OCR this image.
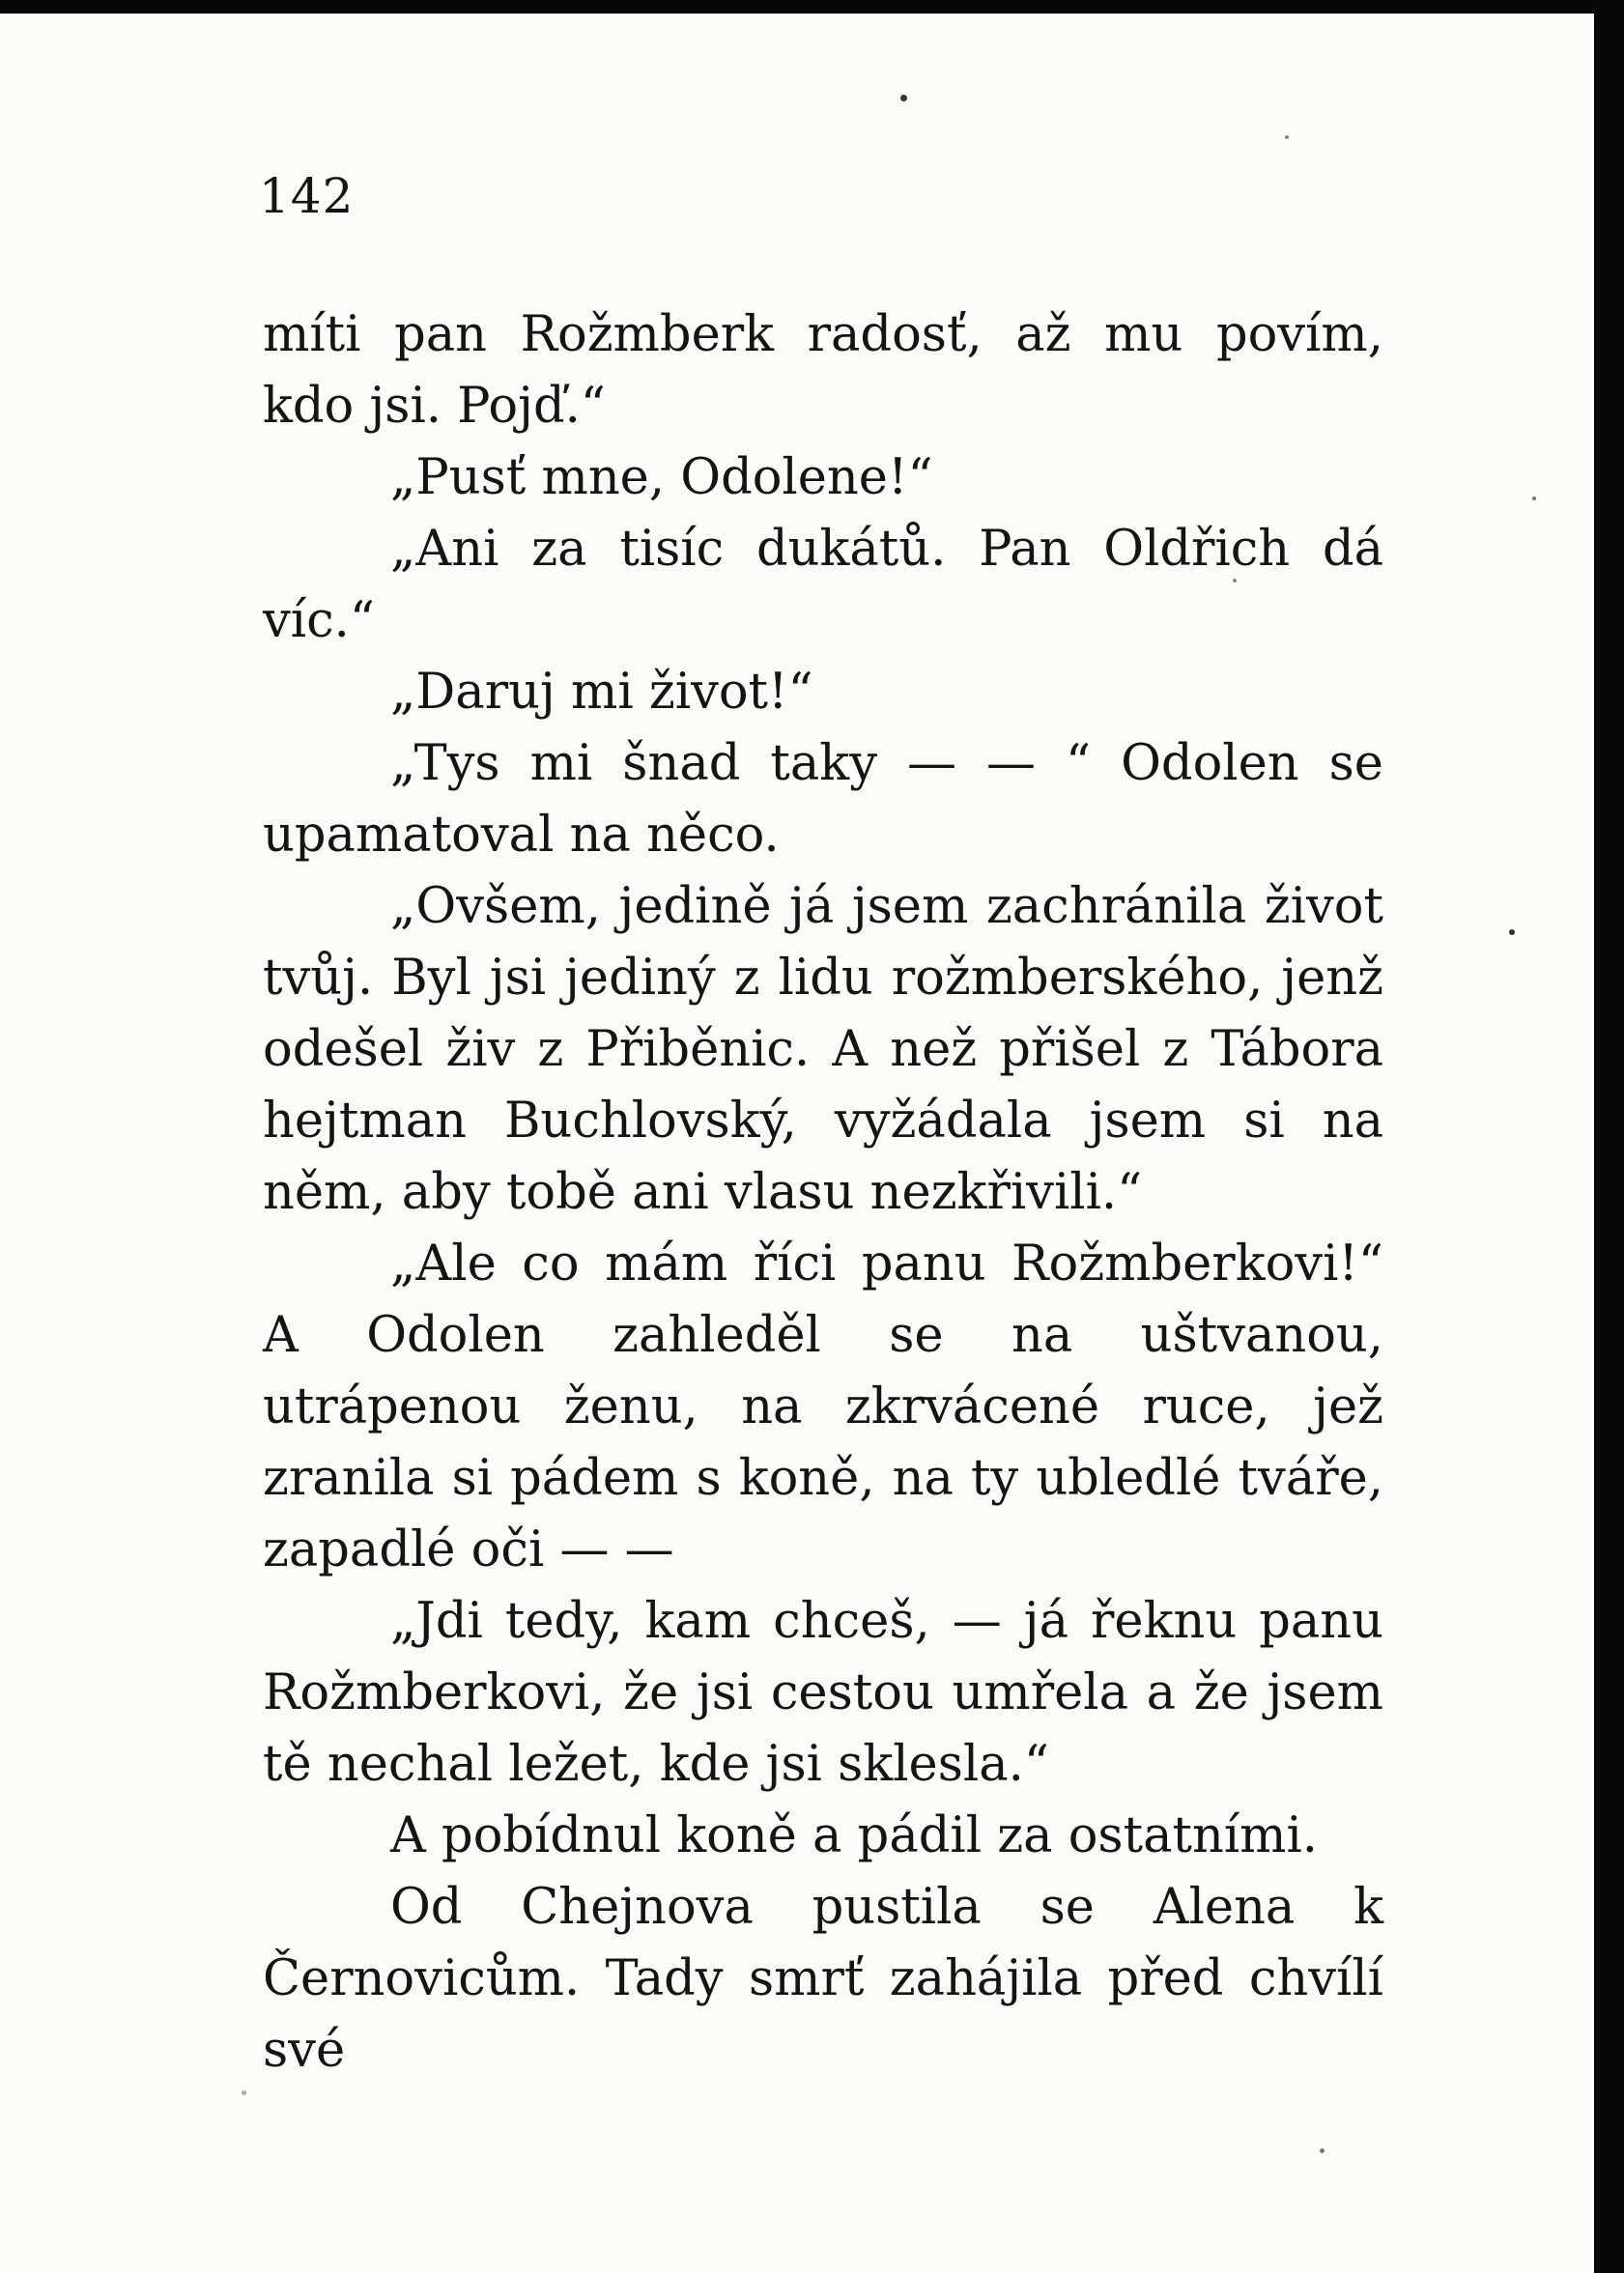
142

míti pan Rožmberk radosť, až mu povím, kdo jsi. Pojď.“

„Pusť mne, Odolene!“

„Ani za tisíc dukátů. Pan Oldřich dá víc.“

„Daruj mi život!“

„Tys mi šnad taky — — “ Odolen se upamatoval na něco.

„Ovšem, jedině já jsem zachránila život tvůj. Byl jsi jediný z lidu rožmberského, jenž odešel živ z Přiběnic. A než přišel z Tábora hejtman Buchlovský, vyžádala jsem si na něm, aby tobě ani vlasu nezkřivili.“

„Ale co mám říci panu Rožmberkovi!“ A Odolen zahleděl se na uštvanou, utrápenou ženu, na zkrvácené ruce, jež zranila si pádem s koně, na ty ubledlé tváře, zapadlé oči — —

„Jdi tedy, kam chceš, — já řeknu panu Rožmberkovi, že jsi cestou umřela a že jsem tě nechal ležet, kde jsi sklesla.“

A pobídnul koně a pádil za ostatními.

Od Chejnova pustila se Alena k Černovicům. Tady smrť zahájila před chvílí své
